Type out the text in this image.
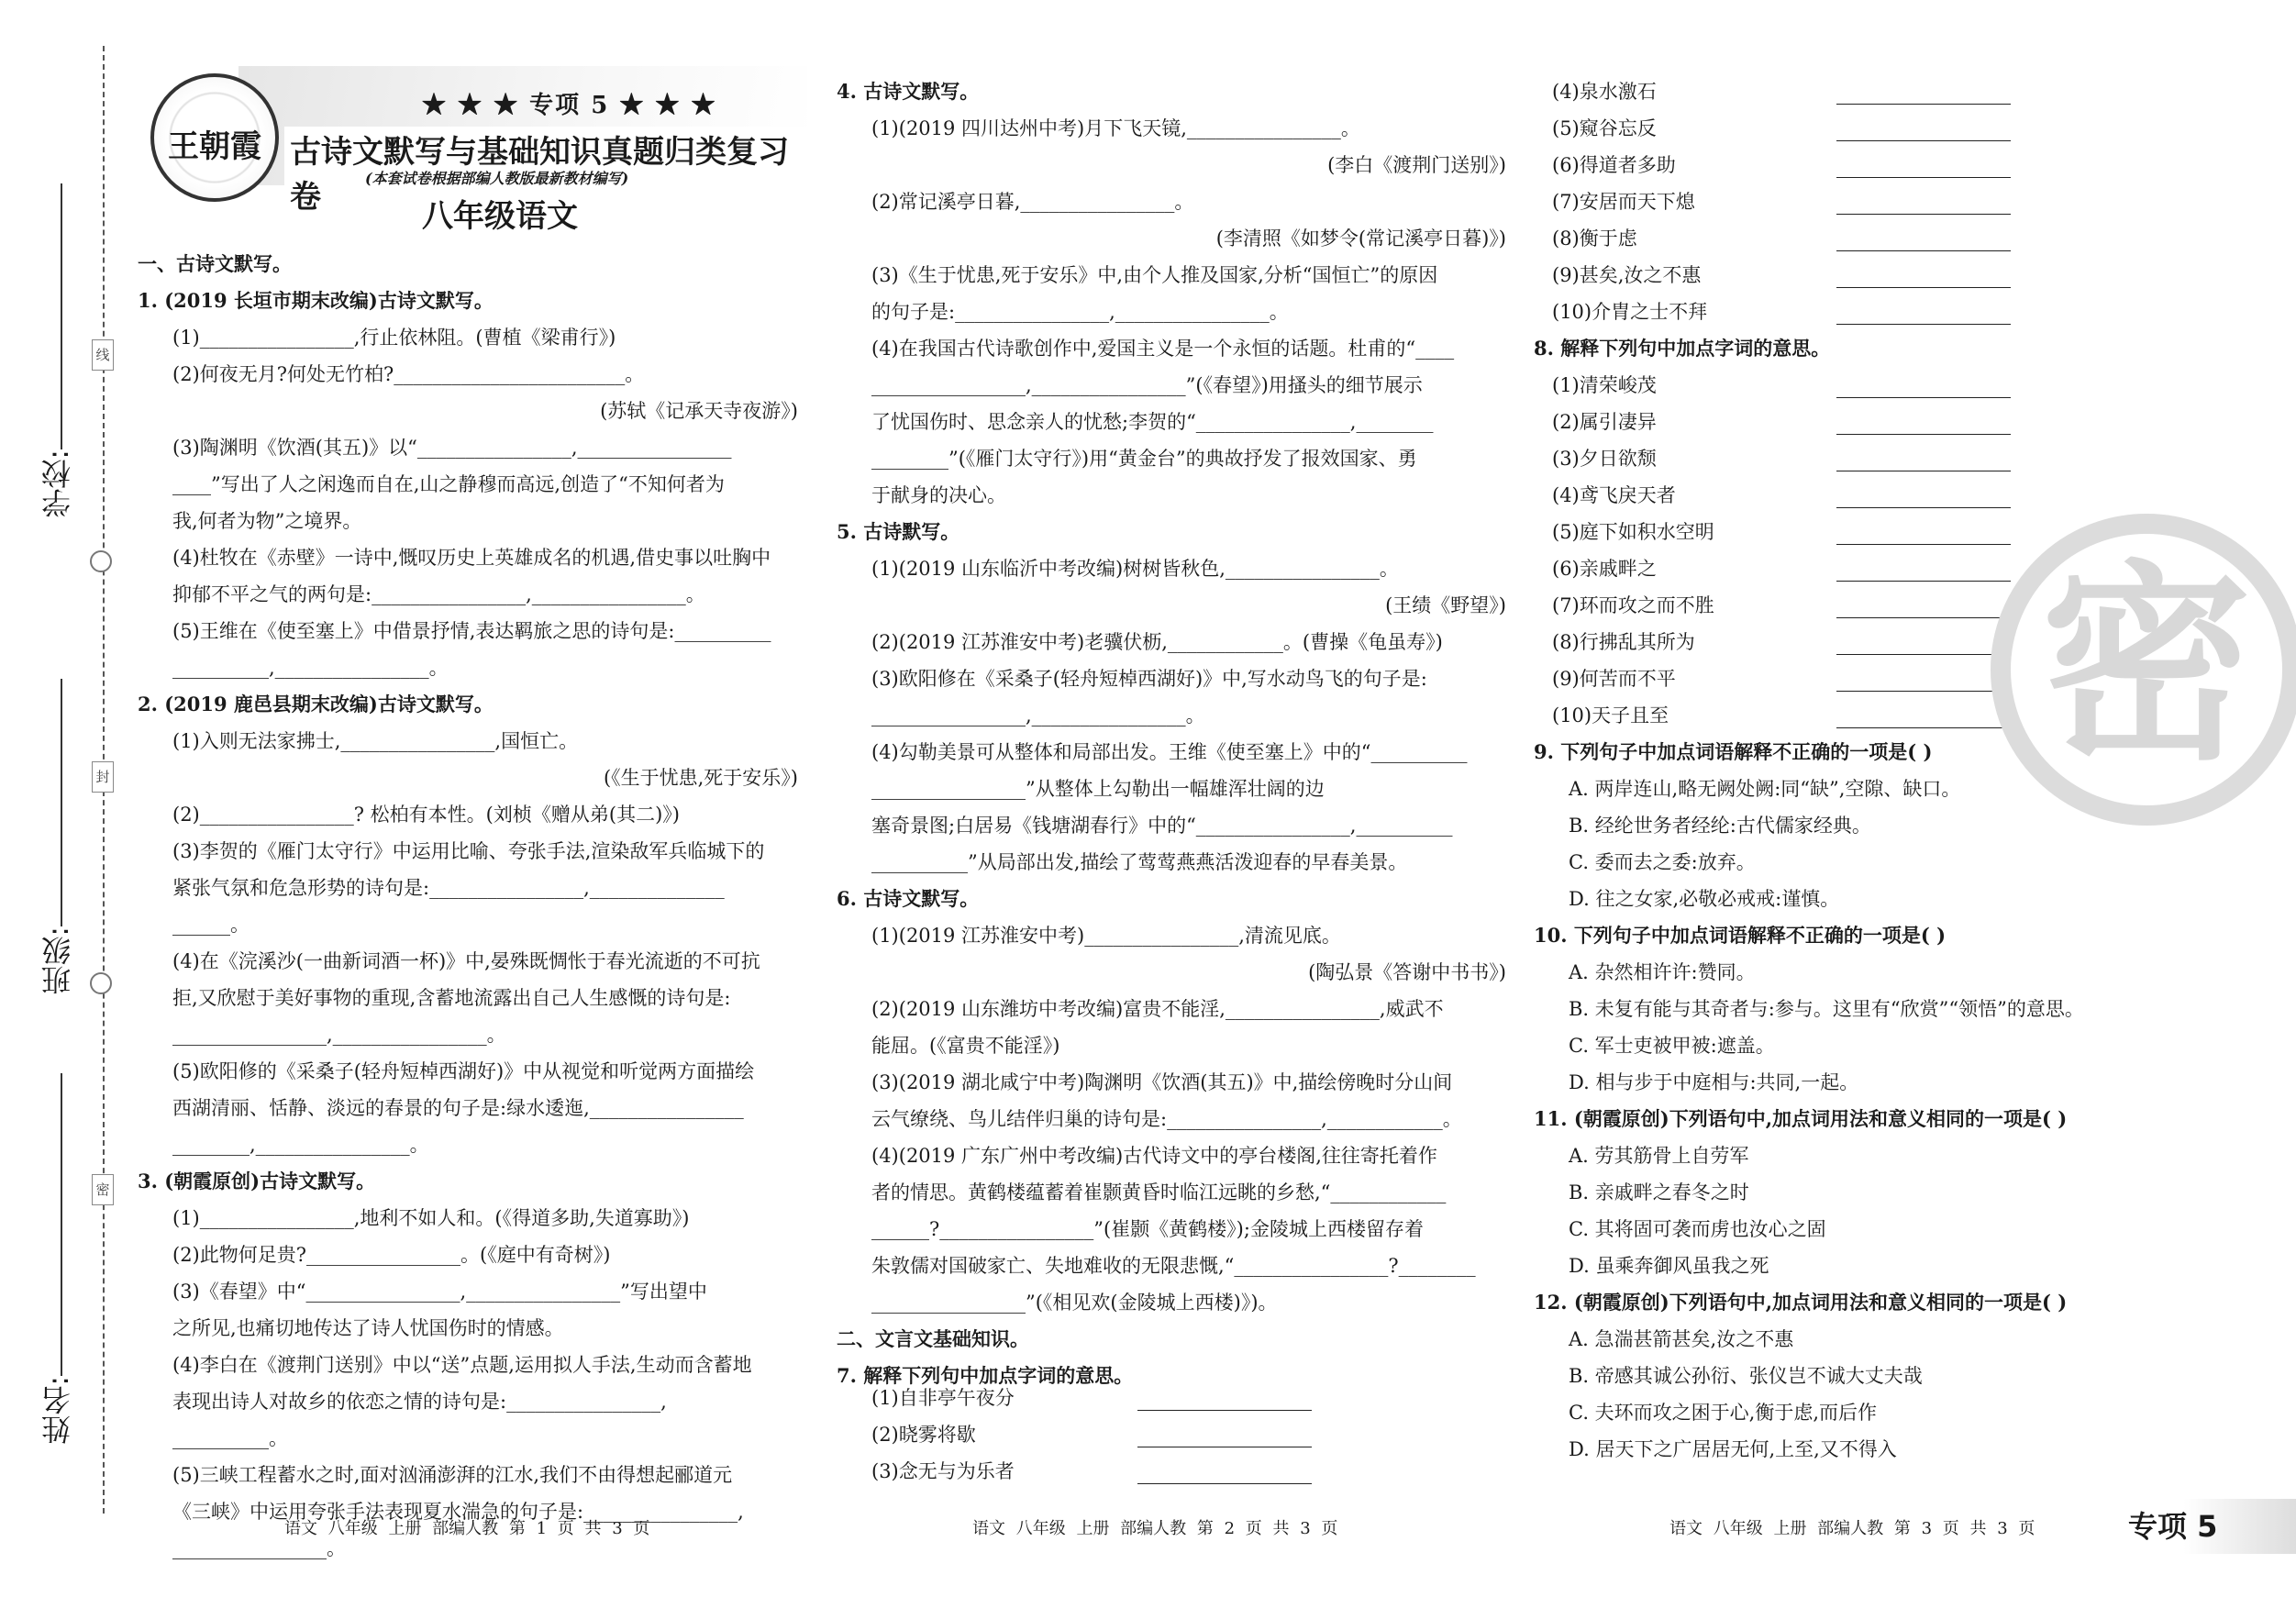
学校:
班级:
姓名:
线
封
密
王朝霞
★ ★ ★ 专项 5 ★ ★ ★
古诗文默写与基础知识真题归类复习卷
(本套试卷根据部编人教版最新教材编写)
八年级语文
一、古诗文默写。
1. (2019 长垣市期末改编)古诗文默写。
(1)________________,行止依林阻。(曹植《梁甫行》)
(2)何夜无月?何处无竹柏?________________________。
(苏轼《记承天寺夜游》)
(3)陶渊明《饮酒(其五)》以“________________,________________
____”写出了人之闲逸而自在,山之静穆而高远,创造了“不知何者为
我,何者为物”之境界。
(4)杜牧在《赤壁》一诗中,慨叹历史上英雄成名的机遇,借史事以吐胸中
抑郁不平之气的两句是:________________,________________。
(5)王维在《使至塞上》中借景抒情,表达羁旅之思的诗句是:__________
__________,________________。
2. (2019 鹿邑县期末改编)古诗文默写。
(1)入则无法家拂士,________________,国恒亡。
(《生于忧患,死于安乐》)
(2)________________? 松柏有本性。(刘桢《赠从弟(其二)》)
(3)李贺的《雁门太守行》中运用比喻、夸张手法,渲染敌军兵临城下的
紧张气氛和危急形势的诗句是:________________,______________
______。
(4)在《浣溪沙(一曲新词酒一杯)》中,晏殊既惆怅于春光流逝的不可抗
拒,又欣慰于美好事物的重现,含蓄地流露出自己人生感慨的诗句是:
________________,________________。
(5)欧阳修的《采桑子(轻舟短棹西湖好)》中从视觉和听觉两方面描绘
西湖清丽、恬静、淡远的春景的句子是:绿水逶迤,________________
________,________________。
3. (朝霞原创)古诗文默写。
(1)________________,地利不如人和。(《得道多助,失道寡助》)
(2)此物何足贵?________________。(《庭中有奇树》)
(3)《春望》中“________________,________________”写出望中
之所见,也痛切地传达了诗人忧国伤时的情感。
(4)李白在《渡荆门送别》中以“送”点题,运用拟人手法,生动而含蓄地
表现出诗人对故乡的依恋之情的诗句是:________________,
__________。
(5)三峡工程蓄水之时,面对汹涌澎湃的江水,我们不由得想起郦道元
《三峡》中运用夸张手法表现夏水湍急的句子是:________________,
________________。
4. 古诗文默写。
(1)(2019 四川达州中考)月下飞天镜,________________。
(李白《渡荆门送别》)
(2)常记溪亭日暮,________________。
(李清照《如梦令(常记溪亭日暮)》)
(3)《生于忧患,死于安乐》中,由个人推及国家,分析“国恒亡”的原因
的句子是:________________,________________。
(4)在我国古代诗歌创作中,爱国主义是一个永恒的话题。杜甫的“____
________________,________________”(《春望》)用搔头的细节展示
了忧国伤时、思念亲人的忧愁;李贺的“________________,________
________”(《雁门太守行》)用“黄金台”的典故抒发了报效国家、勇
于献身的决心。
5. 古诗默写。
(1)(2019 山东临沂中考改编)树树皆秋色,________________。
(王绩《野望》)
(2)(2019 江苏淮安中考)老骥伏枥,____________。(曹操《龟虽寿》)
(3)欧阳修在《采桑子(轻舟短棹西湖好)》中,写水动鸟飞的句子是:
________________,________________。
(4)勾勒美景可从整体和局部出发。王维《使至塞上》中的“__________
________________”从整体上勾勒出一幅雄浑壮阔的边
塞奇景图;白居易《钱塘湖春行》中的“________________,__________
__________”从局部出发,描绘了莺莺燕燕活泼迎春的早春美景。
6. 古诗文默写。
(1)(2019 江苏淮安中考)________________,清流见底。
(陶弘景《答谢中书书》)
(2)(2019 山东潍坊中考改编)富贵不能淫,________________,威武不
能屈。(《富贵不能淫》)
(3)(2019 湖北咸宁中考)陶渊明《饮酒(其五)》中,描绘傍晚时分山间
云气缭绕、鸟儿结伴归巢的诗句是:________________,____________。
(4)(2019 广东广州中考改编)古代诗文中的亭台楼阁,往往寄托着作
者的情思。黄鹤楼蕴蓄着崔颢黄昏时临江远眺的乡愁,“____________
______?________________”(崔颢《黄鹤楼》);金陵城上西楼留存着
朱敦儒对国破家亡、失地难收的无限悲慨,“________________?________
________________”(《相见欢(金陵城上西楼)》)。
二、文言文基础知识。
7. 解释下列句中加点字词的意思。
(1)自非亭午夜分
(2)晓雾将歇
(3)念无与为乐者
(4)泉水激石
(5)窥谷忘反
(6)得道者多助
(7)安居而天下熄
(8)衡于虑
(9)甚矣,汝之不惠
(10)介胄之士不拜
8. 解释下列句中加点字词的意思。
(1)清荣峻茂
(2)属引凄异
(3)夕日欲颓
(4)鸢飞戾天者
(5)庭下如积水空明
(6)亲戚畔之
(7)环而攻之而不胜
(8)行拂乱其所为
(9)何苦而不平
(10)天子且至
9. 下列句子中加点词语解释不正确的一项是( )
A. 两岸连山,略无阙处阙:同“缺”,空隙、缺口。
B. 经纶世务者经纶:古代儒家经典。
C. 委而去之委:放弃。
D. 往之女家,必敬必戒戒:谨慎。
10. 下列句子中加点词语解释不正确的一项是( )
A. 杂然相许许:赞同。
B. 未复有能与其奇者与:参与。这里有“欣赏”“领悟”的意思。
C. 军士吏被甲被:遮盖。
D. 相与步于中庭相与:共同,一起。
11. (朝霞原创)下列语句中,加点词用法和意义相同的一项是( )
A. 劳其筋骨上自劳军
B. 亲戚畔之春冬之时
C. 其将固可袭而虏也汝心之固
D. 虽乘奔御风虽我之死
12. (朝霞原创)下列语句中,加点词用法和意义相同的一项是( )
A. 急湍甚箭甚矣,汝之不惠
B. 帝感其诚公孙衍、张仪岂不诚大丈夫哉
C. 夫环而攻之困于心,衡于虑,而后作
D. 居天下之广居居无何,上至,又不得入
密
语文 八年级 上册 部编人教 第 1 页 共 3 页	语文 八年级 上册 部编人教 第 2 页 共 3 页	语文 八年级 上册 部编人教 第 3 页 共 3 页	专项 5
